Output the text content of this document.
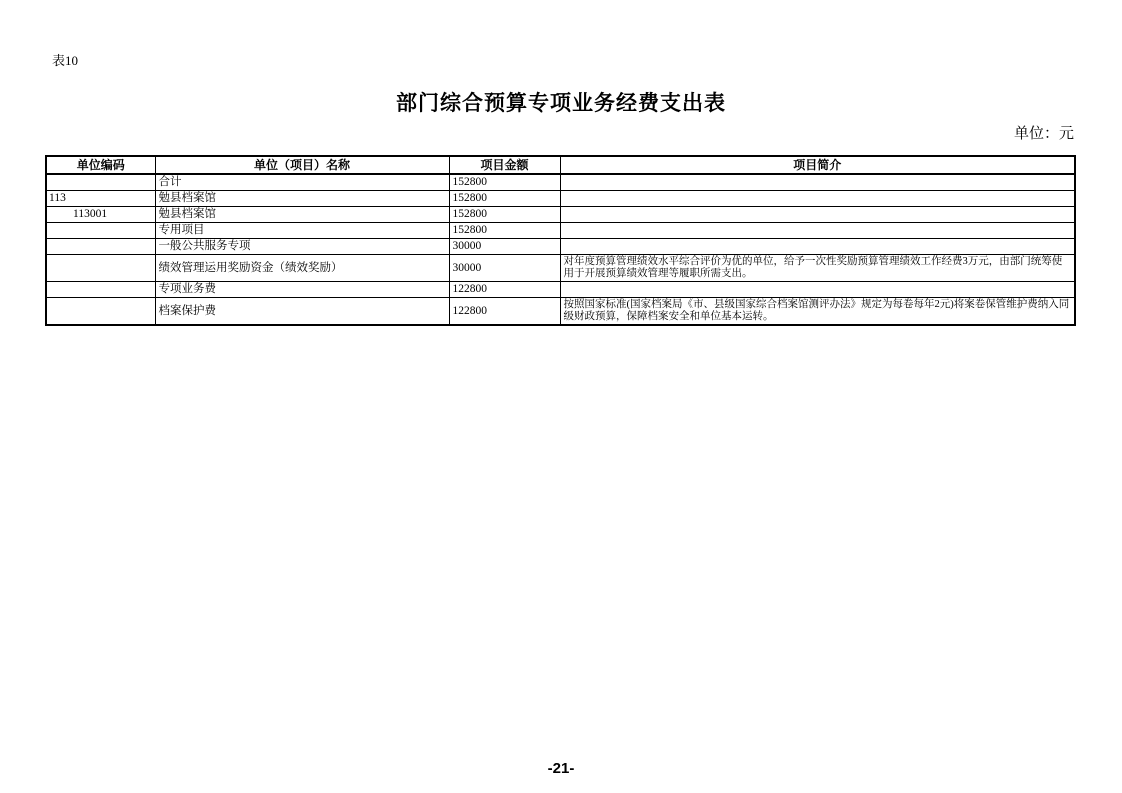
表10
部门综合预算专项业务经费支出表
单位：元
单位编码	单位（项目）名称	项目金额	项目简介
	合计	152800	
113	勉县档案馆	152800	
113001	勉县档案馆	152800	
	专用项目	152800	
	一般公共服务专项	30000	
	绩效管理运用奖励资金（绩效奖励）	30000	对年度预算管理绩效水平综合评价为优的单位，给予一次性奖励预算管理绩效工作经费3万元，由部门统筹使用于开展预算绩效管理等履职所需支出。
	专项业务费	122800	
	档案保护费	122800	按照国家标准(国家档案局《市、县级国家综合档案馆测评办法》规定为每卷每年2元)将案卷保管维护费纳入同级财政预算，保障档案安全和单位基本运转。
-21-
